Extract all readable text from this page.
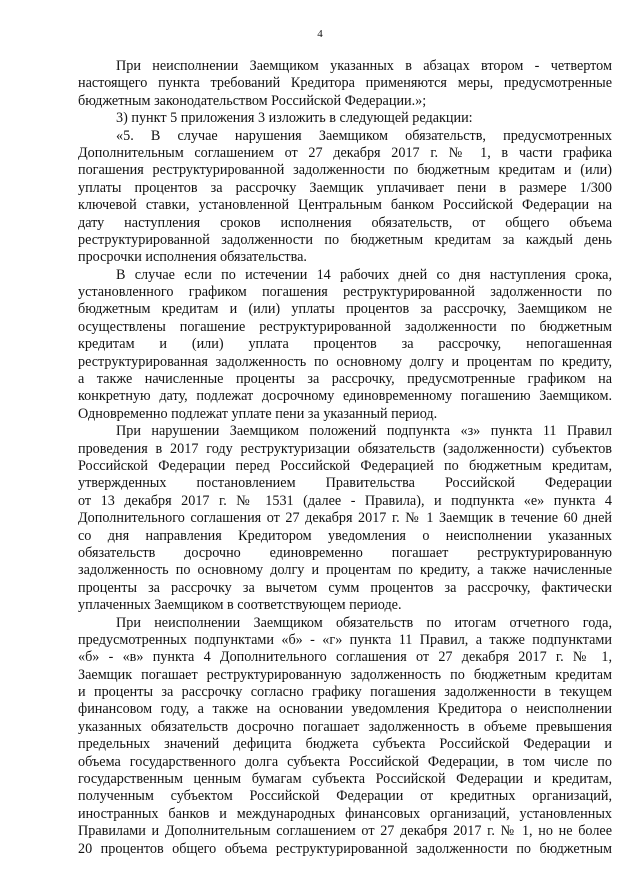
4
При неисполнении Заемщиком указанных в абзацах втором - четвертом
настоящего пункта требований Кредитора применяются меры, предусмотренные
бюджетным законодательством Российской Федерации.»;
3) пункт 5 приложения 3 изложить в следующей редакции:
«5. В случае нарушения Заемщиком обязательств, предусмотренных
Дополнительным соглашением от 27 декабря 2017 г. № 1, в части графика
погашения реструктурированной задолженности по бюджетным кредитам и (или)
уплаты процентов за рассрочку Заемщик уплачивает пени в размере 1/300
ключевой ставки, установленной Центральным банком Российской Федерации на
дату наступления сроков исполнения обязательств, от общего объема
реструктурированной задолженности по бюджетным кредитам за каждый день
просрочки исполнения обязательства.
В случае если по истечении 14 рабочих дней со дня наступления срока,
установленного графиком погашения реструктурированной задолженности по
бюджетным кредитам и (или) уплаты процентов за рассрочку, Заемщиком не
осуществлены погашение реструктурированной задолженности по бюджетным
кредитам и (или) уплата процентов за рассрочку, непогашенная
реструктурированная задолженность по основному долгу и процентам по кредиту,
а также начисленные проценты за рассрочку, предусмотренные графиком на
конкретную дату, подлежат досрочному единовременному погашению Заемщиком.
Одновременно подлежат уплате пени за указанный период.
При нарушении Заемщиком положений подпункта «з» пункта 11 Правил
проведения в 2017 году реструктуризации обязательств (задолженности) субъектов
Российской Федерации перед Российской Федерацией по бюджетным кредитам,
утвержденных постановлением Правительства Российской Федерации
от 13 декабря 2017 г. № 1531 (далее - Правила), и подпункта «е» пункта 4
Дополнительного соглашения от 27 декабря 2017 г. № 1 Заемщик в течение 60 дней
со дня направления Кредитором уведомления о неисполнении указанных
обязательств досрочно единовременно погашает реструктурированную
задолженность по основному долгу и процентам по кредиту, а также начисленные
проценты за рассрочку за вычетом сумм процентов за рассрочку, фактически
уплаченных Заемщиком в соответствующем периоде.
При неисполнении Заемщиком обязательств по итогам отчетного года,
предусмотренных подпунктами «б» - «г» пункта 11 Правил, а также подпунктами
«б» - «в» пункта 4 Дополнительного соглашения от 27 декабря 2017 г. № 1,
Заемщик погашает реструктурированную задолженность по бюджетным кредитам
и проценты за рассрочку согласно графику погашения задолженности в текущем
финансовом году, а также на основании уведомления Кредитора о неисполнении
указанных обязательств досрочно погашает задолженность в объеме превышения
предельных значений дефицита бюджета субъекта Российской Федерации и
объема государственного долга субъекта Российской Федерации, в том числе по
государственным ценным бумагам субъекта Российской Федерации и кредитам,
полученным субъектом Российской Федерации от кредитных организаций,
иностранных банков и международных финансовых организаций, установленных
Правилами и Дополнительным соглашением от 27 декабря 2017 г. № 1, но не более
20 процентов общего объема реструктурированной задолженности по бюджетным
